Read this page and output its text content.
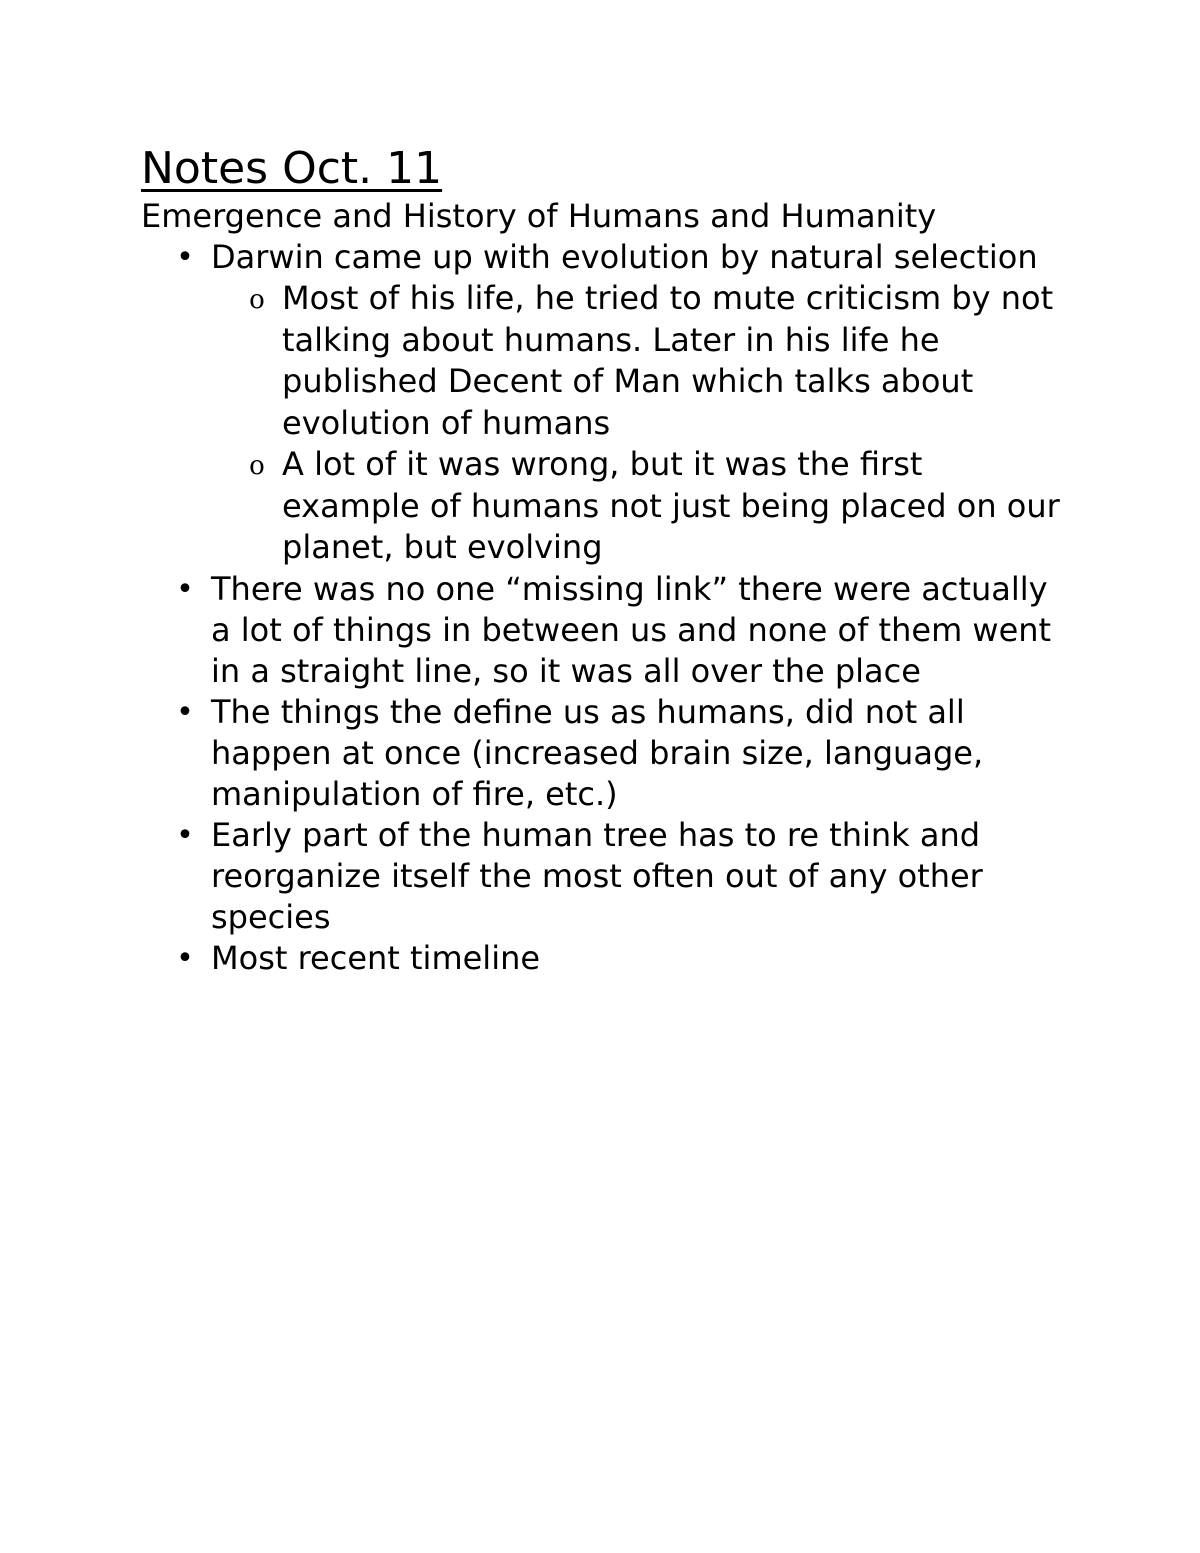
Notes Oct. 11

Emergence and History of Humans and Humanity

• Darwin came up with evolution by natural selection
o Most of his life, he tried to mute criticism by not talking about humans. Later in his life he published Decent of Man which talks about evolution of humans
o A lot of it was wrong, but it was the first example of humans not just being placed on our planet, but evolving
• There was no one “missing link” there were actually a lot of things in between us and none of them went in a straight line, so it was all over the place
• The things the define us as humans, did not all happen at once (increased brain size, language, manipulation of fire, etc.)
• Early part of the human tree has to re think and reorganize itself the most often out of any other species
• Most recent timeline
